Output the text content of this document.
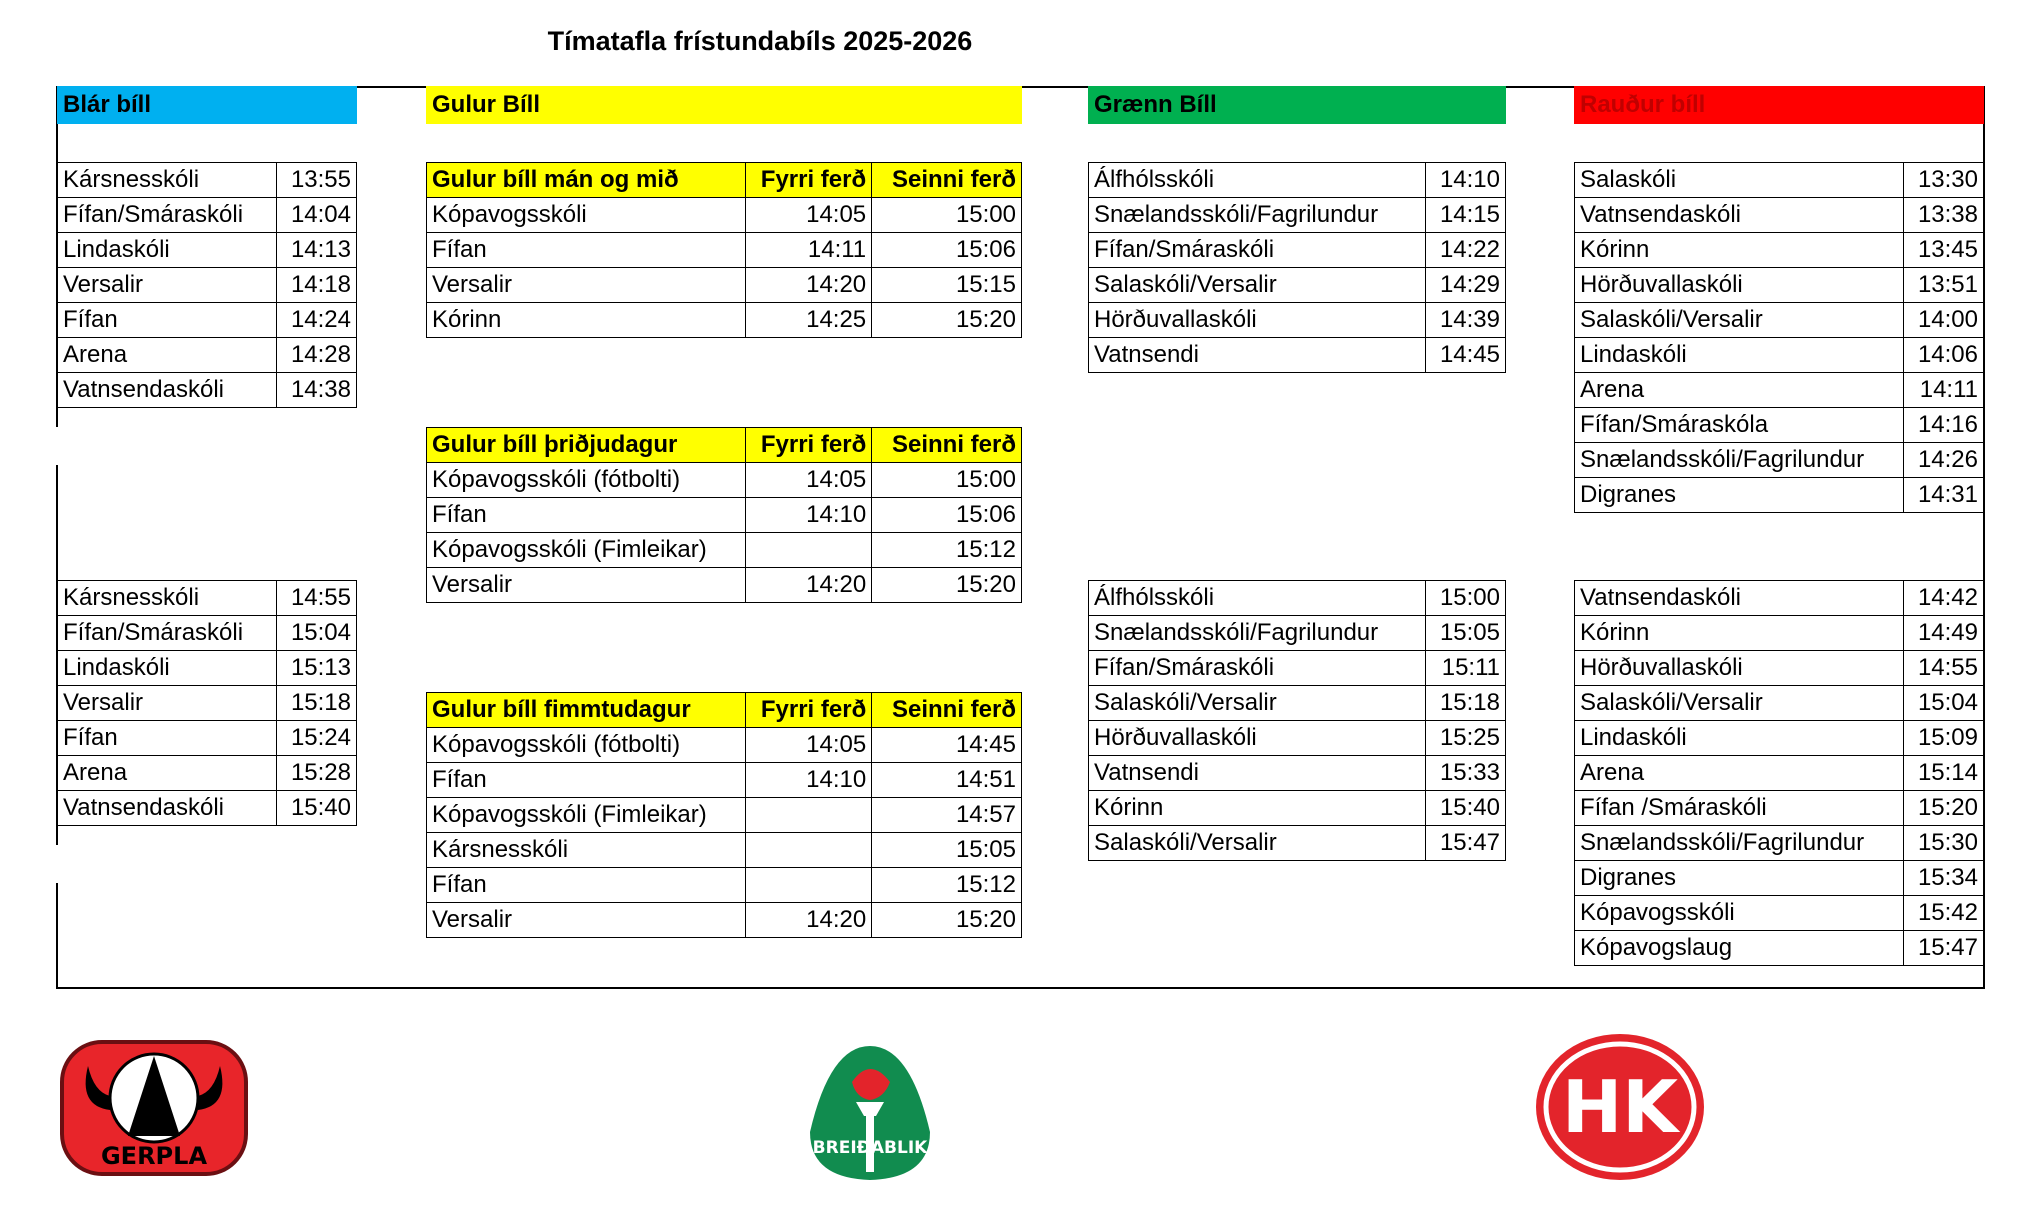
Tímatafla frístundabíls 2025-2026
Blár bíll	Gulur Bíll	Grænn Bíll	Rauður bíll
Kársnesskóli	13:55
Fífan/Smáraskóli	14:04
Lindaskóli	14:13
Versalir	14:18
Fífan	14:24
Arena	14:28
Vatnsendaskóli	14:38
Kársnesskóli	14:55
Fífan/Smáraskóli	15:04
Lindaskóli	15:13
Versalir	15:18
Fífan	15:24
Arena	15:28
Vatnsendaskóli	15:40
Gulur bíll mán og mið	Fyrri ferð	Seinni ferð
Kópavogsskóli	14:05	15:00
Fífan	14:11	15:06
Versalir	14:20	15:15
Kórinn	14:25	15:20
Gulur bíll þriðjudagur	Fyrri ferð	Seinni ferð
Kópavogsskóli (fótbolti)	14:05	15:00
Fífan	14:10	15:06
Kópavogsskóli (Fimleikar)		15:12
Versalir	14:20	15:20
Gulur bíll fimmtudagur	Fyrri ferð	Seinni ferð
Kópavogsskóli (fótbolti)	14:05	14:45
Fífan	14:10	14:51
Kópavogsskóli (Fimleikar)		14:57
Kársnesskóli		15:05
Fífan		15:12
Versalir	14:20	15:20
Álfhólsskóli	14:10
Snælandsskóli/Fagrilundur	14:15
Fífan/Smáraskóli	14:22
Salaskóli/Versalir	14:29
Hörðuvallaskóli	14:39
Vatnsendi	14:45
Álfhólsskóli	15:00
Snælandsskóli/Fagrilundur	15:05
Fífan/Smáraskóli	15:11
Salaskóli/Versalir	15:18
Hörðuvallaskóli	15:25
Vatnsendi	15:33
Kórinn	15:40
Salaskóli/Versalir	15:47
Salaskóli	13:30
Vatnsendaskóli	13:38
Kórinn	13:45
Hörðuvallaskóli	13:51
Salaskóli/Versalir	14:00
Lindaskóli	14:06
Arena	14:11
Fífan/Smáraskóla	14:16
Snælandsskóli/Fagrilundur	14:26
Digranes	14:31
Vatnsendaskóli	14:42
Kórinn	14:49
Hörðuvallaskóli	14:55
Salaskóli/Versalir	15:04
Lindaskóli	15:09
Arena	15:14
Fífan /Smáraskóli	15:20
Snælandsskóli/Fagrilundur	15:30
Digranes	15:34
Kópavogsskóli	15:42
Kópavogslaug	15:47
GERPLA	BREIÐABLIK	HK
